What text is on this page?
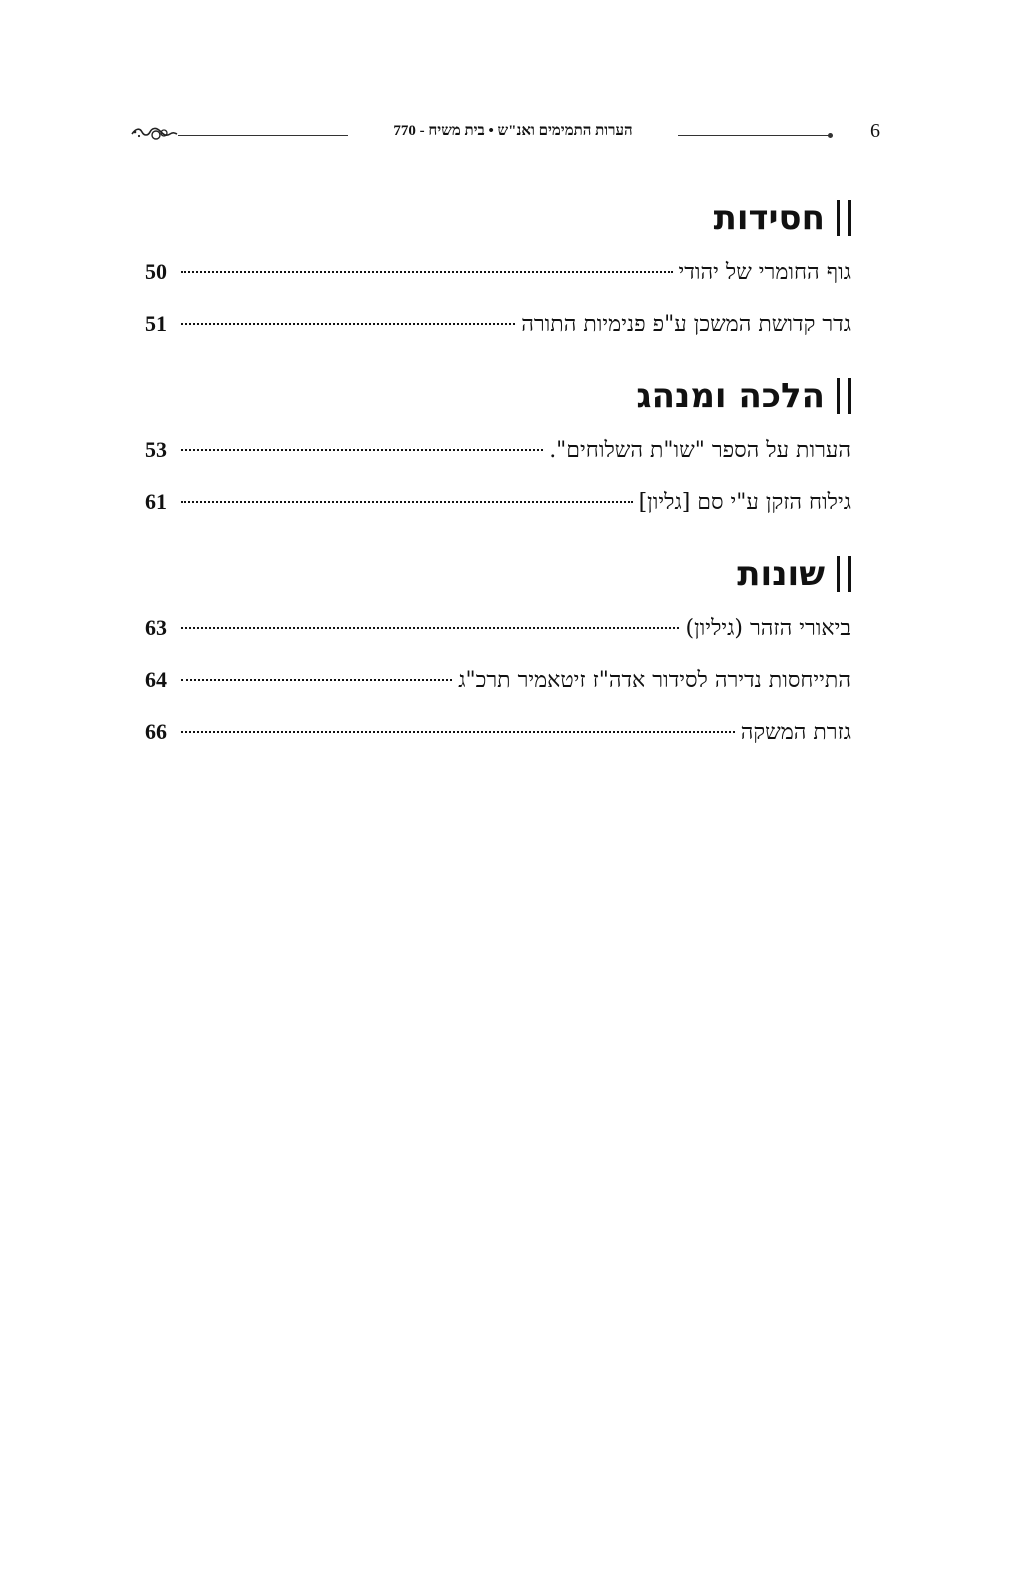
הערות התמימים ואנ"ש • בית משיח - 770	6
חסידות
גוף החומרי של יהודי
50
גדר קדושת המשכן ע"פ פנימיות התורה
51
הלכה ומנהג
הערות על הספר "שו"ת השלוחים".
53
גילוח הזקן ע"י סם [גליון]
61
שונות
ביאורי הזהר (גיליון)
63
התייחסות נדירה לסידור אדה"ז זיטאמיר תרכ"ג
64
גזרת המשקה
66
